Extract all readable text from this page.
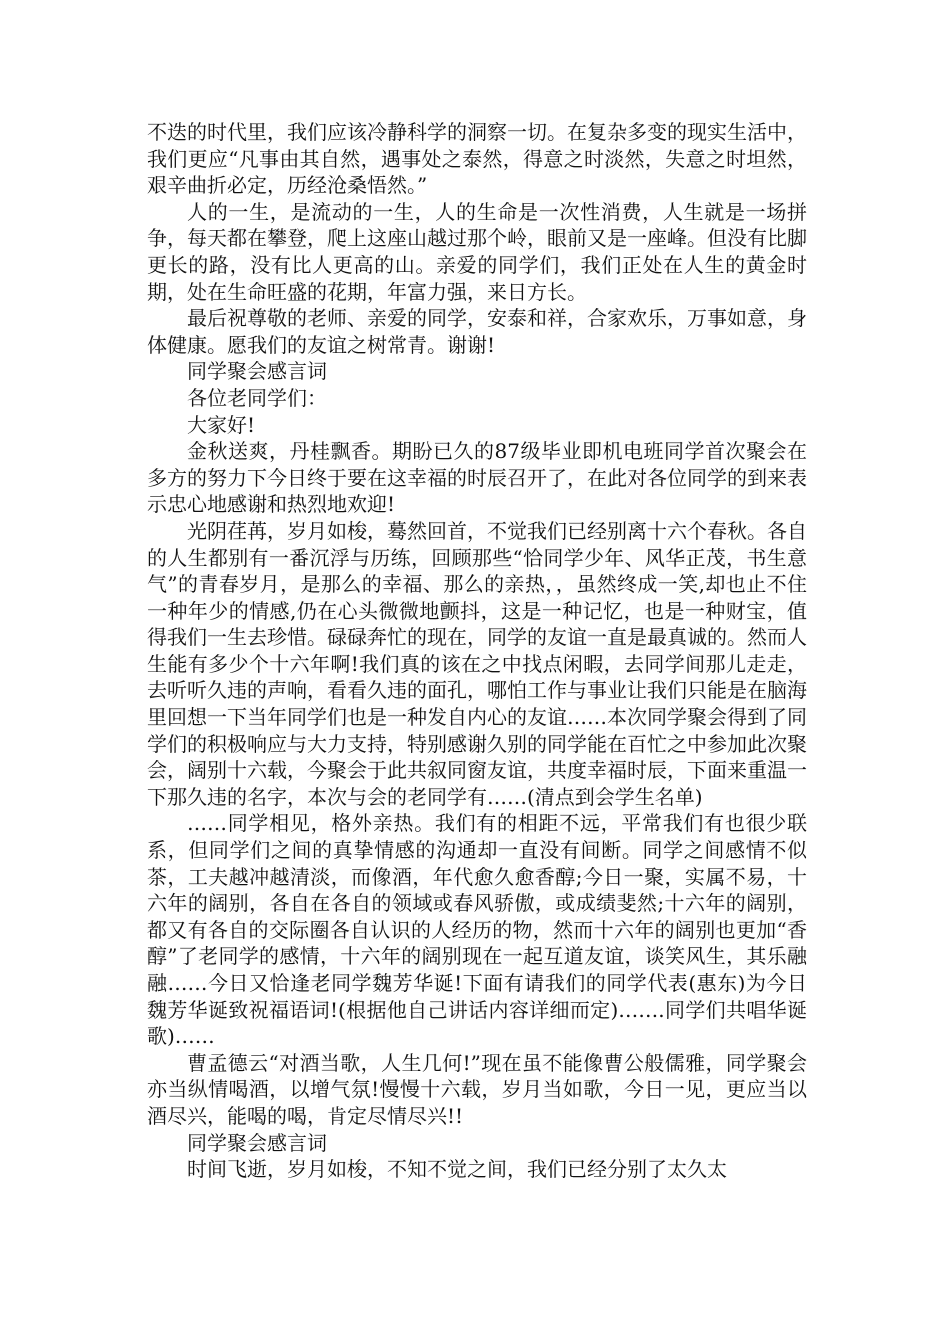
不迭的时代里，我们应该冷静科学的洞察一切。在复杂多变的现实生活中，我们更应“凡事由其自然，遇事处之泰然，得意之时淡然，失意之时坦然，艰辛曲折必定，历经沧桑悟然。”

人的一生，是流动的一生，人的生命是一次性消费，人生就是一场拼争，每天都在攀登，爬上这座山越过那个岭，眼前又是一座峰。但没有比脚更长的路，没有比人更高的山。亲爱的同学们，我们正处在人生的黄金时期，处在生命旺盛的花期，年富力强，来日方长。

最后祝尊敬的老师、亲爱的同学，安泰和祥，合家欢乐，万事如意，身体健康。愿我们的友谊之树常青。谢谢!

同学聚会感言词

各位老同学们：

大家好!

金秋送爽，丹桂飘香。期盼已久的87级毕业即机电班同学首次聚会在多方的努力下今日终于要在这幸福的时辰召开了，在此对各位同学的到来表示忠心地感谢和热烈地欢迎!

光阴荏苒，岁月如梭，蓦然回首，不觉我们已经别离十六个春秋。各自的人生都别有一番沉浮与历练，回顾那些“恰同学少年、风华正茂，书生意气”的青春岁月，是那么的幸福、那么的亲热，，虽然终成一笑,却也止不住一种年少的情感,仍在心头微微地颤抖，这是一种记忆，也是一种财宝，值得我们一生去珍惜。碌碌奔忙的现在，同学的友谊一直是最真诚的。然而人生能有多少个十六年啊!我们真的该在之中找点闲暇，去同学间那儿走走，去听听久违的声响，看看久违的面孔，哪怕工作与事业让我们只能是在脑海里回想一下当年同学们也是一种发自内心的友谊……本次同学聚会得到了同学们的积极响应与大力支持，特别感谢久别的同学能在百忙之中参加此次聚会，阔别十六载，今聚会于此共叙同窗友谊，共度幸福时辰，下面来重温一下那久违的名字，本次与会的老同学有……(清点到会学生名单)

……同学相见，格外亲热。我们有的相距不远，平常我们有也很少联系，但同学们之间的真挚情感的沟通却一直没有间断。同学之间感情不似茶，工夫越冲越清淡，而像酒，年代愈久愈香醇;今日一聚，实属不易，十六年的阔别，各自在各自的领域或春风骄傲，或成绩斐然;十六年的阔别，都又有各自的交际圈各自认识的人经历的物，然而十六年的阔别也更加“香醇”了老同学的感情，十六年的阔别现在一起互道友谊，谈笑风生，其乐融融……今日又恰逢老同学魏芳华诞!下面有请我们的同学代表(惠东)为今日魏芳华诞致祝福语词!(根据他自己讲话内容详细而定)…….同学们共唱华诞歌)……

曹孟德云“对酒当歌，人生几何!”现在虽不能像曹公般儒雅，同学聚会亦当纵情喝酒，以增气氛!慢慢十六载，岁月当如歌，今日一见，更应当以酒尽兴，能喝的喝，肯定尽情尽兴!!

同学聚会感言词

时间飞逝，岁月如梭，不知不觉之间，我们已经分别了太久太
